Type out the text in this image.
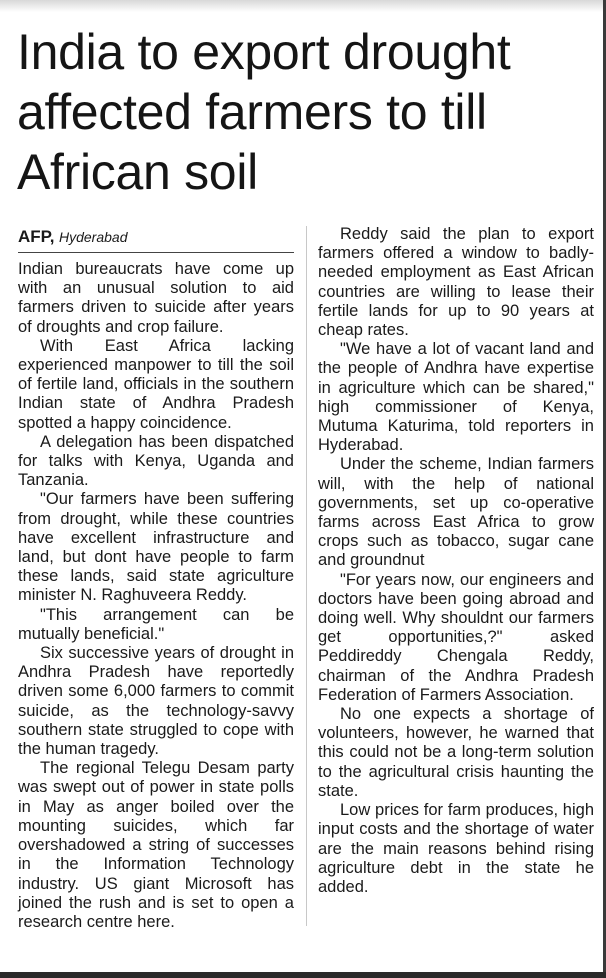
India to export drought affected farmers to till African soil
AFP, Hyderabad

Indian bureaucrats have come up with an unusual solution to aid farmers driven to suicide after years of droughts and crop failure.

With East Africa lacking experienced manpower to till the soil of fertile land, officials in the southern Indian state of Andhra Pradesh spotted a happy coincidence.

A delegation has been dispatched for talks with Kenya, Uganda and Tanzania.

"Our farmers have been suffering from drought, while these countries have excellent infrastructure and land, but dont have people to farm these lands, said state agriculture minister N. Raghuveera Reddy.

"This arrangement can be mutually beneficial."

Six successive years of drought in Andhra Pradesh have reportedly driven some 6,000 farmers to commit suicide, as the technology-savvy southern state struggled to cope with the human tragedy.

The regional Telegu Desam party was swept out of power in state polls in May as anger boiled over the mounting suicides, which far overshadowed a string of successes in the Information Technology industry. US giant Microsoft has joined the rush and is set to open a research centre here.

Reddy said the plan to export farmers offered a window to badly-needed employment as East African countries are willing to lease their fertile lands for up to 90 years at cheap rates.

"We have a lot of vacant land and the people of Andhra have expertise in agriculture which can be shared," high commissioner of Kenya, Mutuma Katurima, told reporters in Hyderabad.

Under the scheme, Indian farmers will, with the help of national governments, set up co-operative farms across East Africa to grow crops such as tobacco, sugar cane and groundnut

"For years now, our engineers and doctors have been going abroad and doing well. Why shouldnt our farmers get opportunities,?" asked Peddireddy Chengala Reddy, chairman of the Andhra Pradesh Federation of Farmers Association.

No one expects a shortage of volunteers, however, he warned that this could not be a long-term solution to the agricultural crisis haunting the state.

Low prices for farm produces, high input costs and the shortage of water are the main reasons behind rising agriculture debt in the state he added.
